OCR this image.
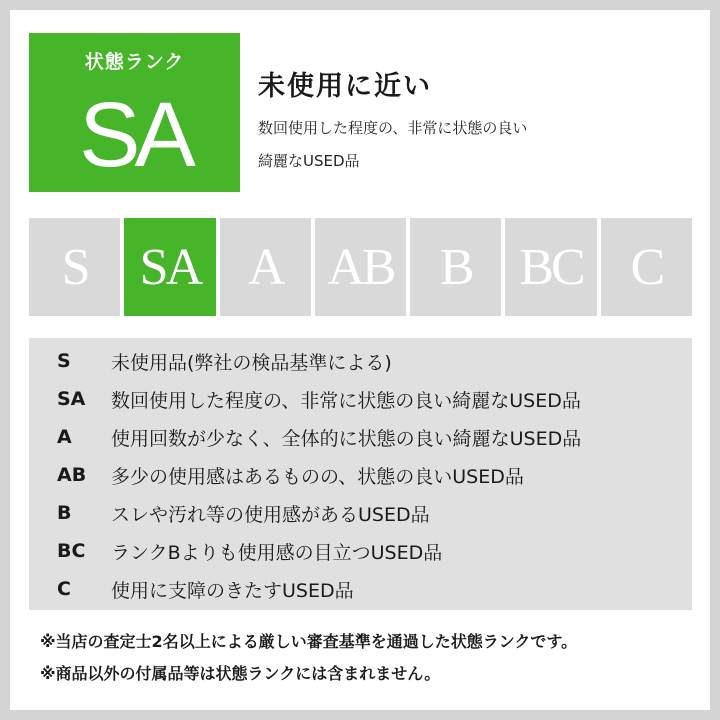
状態ランク
SA	未使用に近い
数回使用した程度の、非常に状態の良い
綺麗なUSED品
S	SA A AB B BC C
S 未使用品(弊社の検品基準による)
SA 数回使用した程度の、非常に状態の良い綺麗なUSED品
A 使用回数が少なく、全体的に状態の良い綺麗なUSED品
AB 多少の使用感はあるものの、状態の良いUSED品
B スレや汚れ等の使用感があるUSED品
BC ランクBよりも使用感の目立つUSED品
C 使用に支障のきたすUSED品
※当店の査定士2名以上による厳しい審査基準を通過した状態ランクです。
※商品以外の付属品等は状態ランクには含まれません。
